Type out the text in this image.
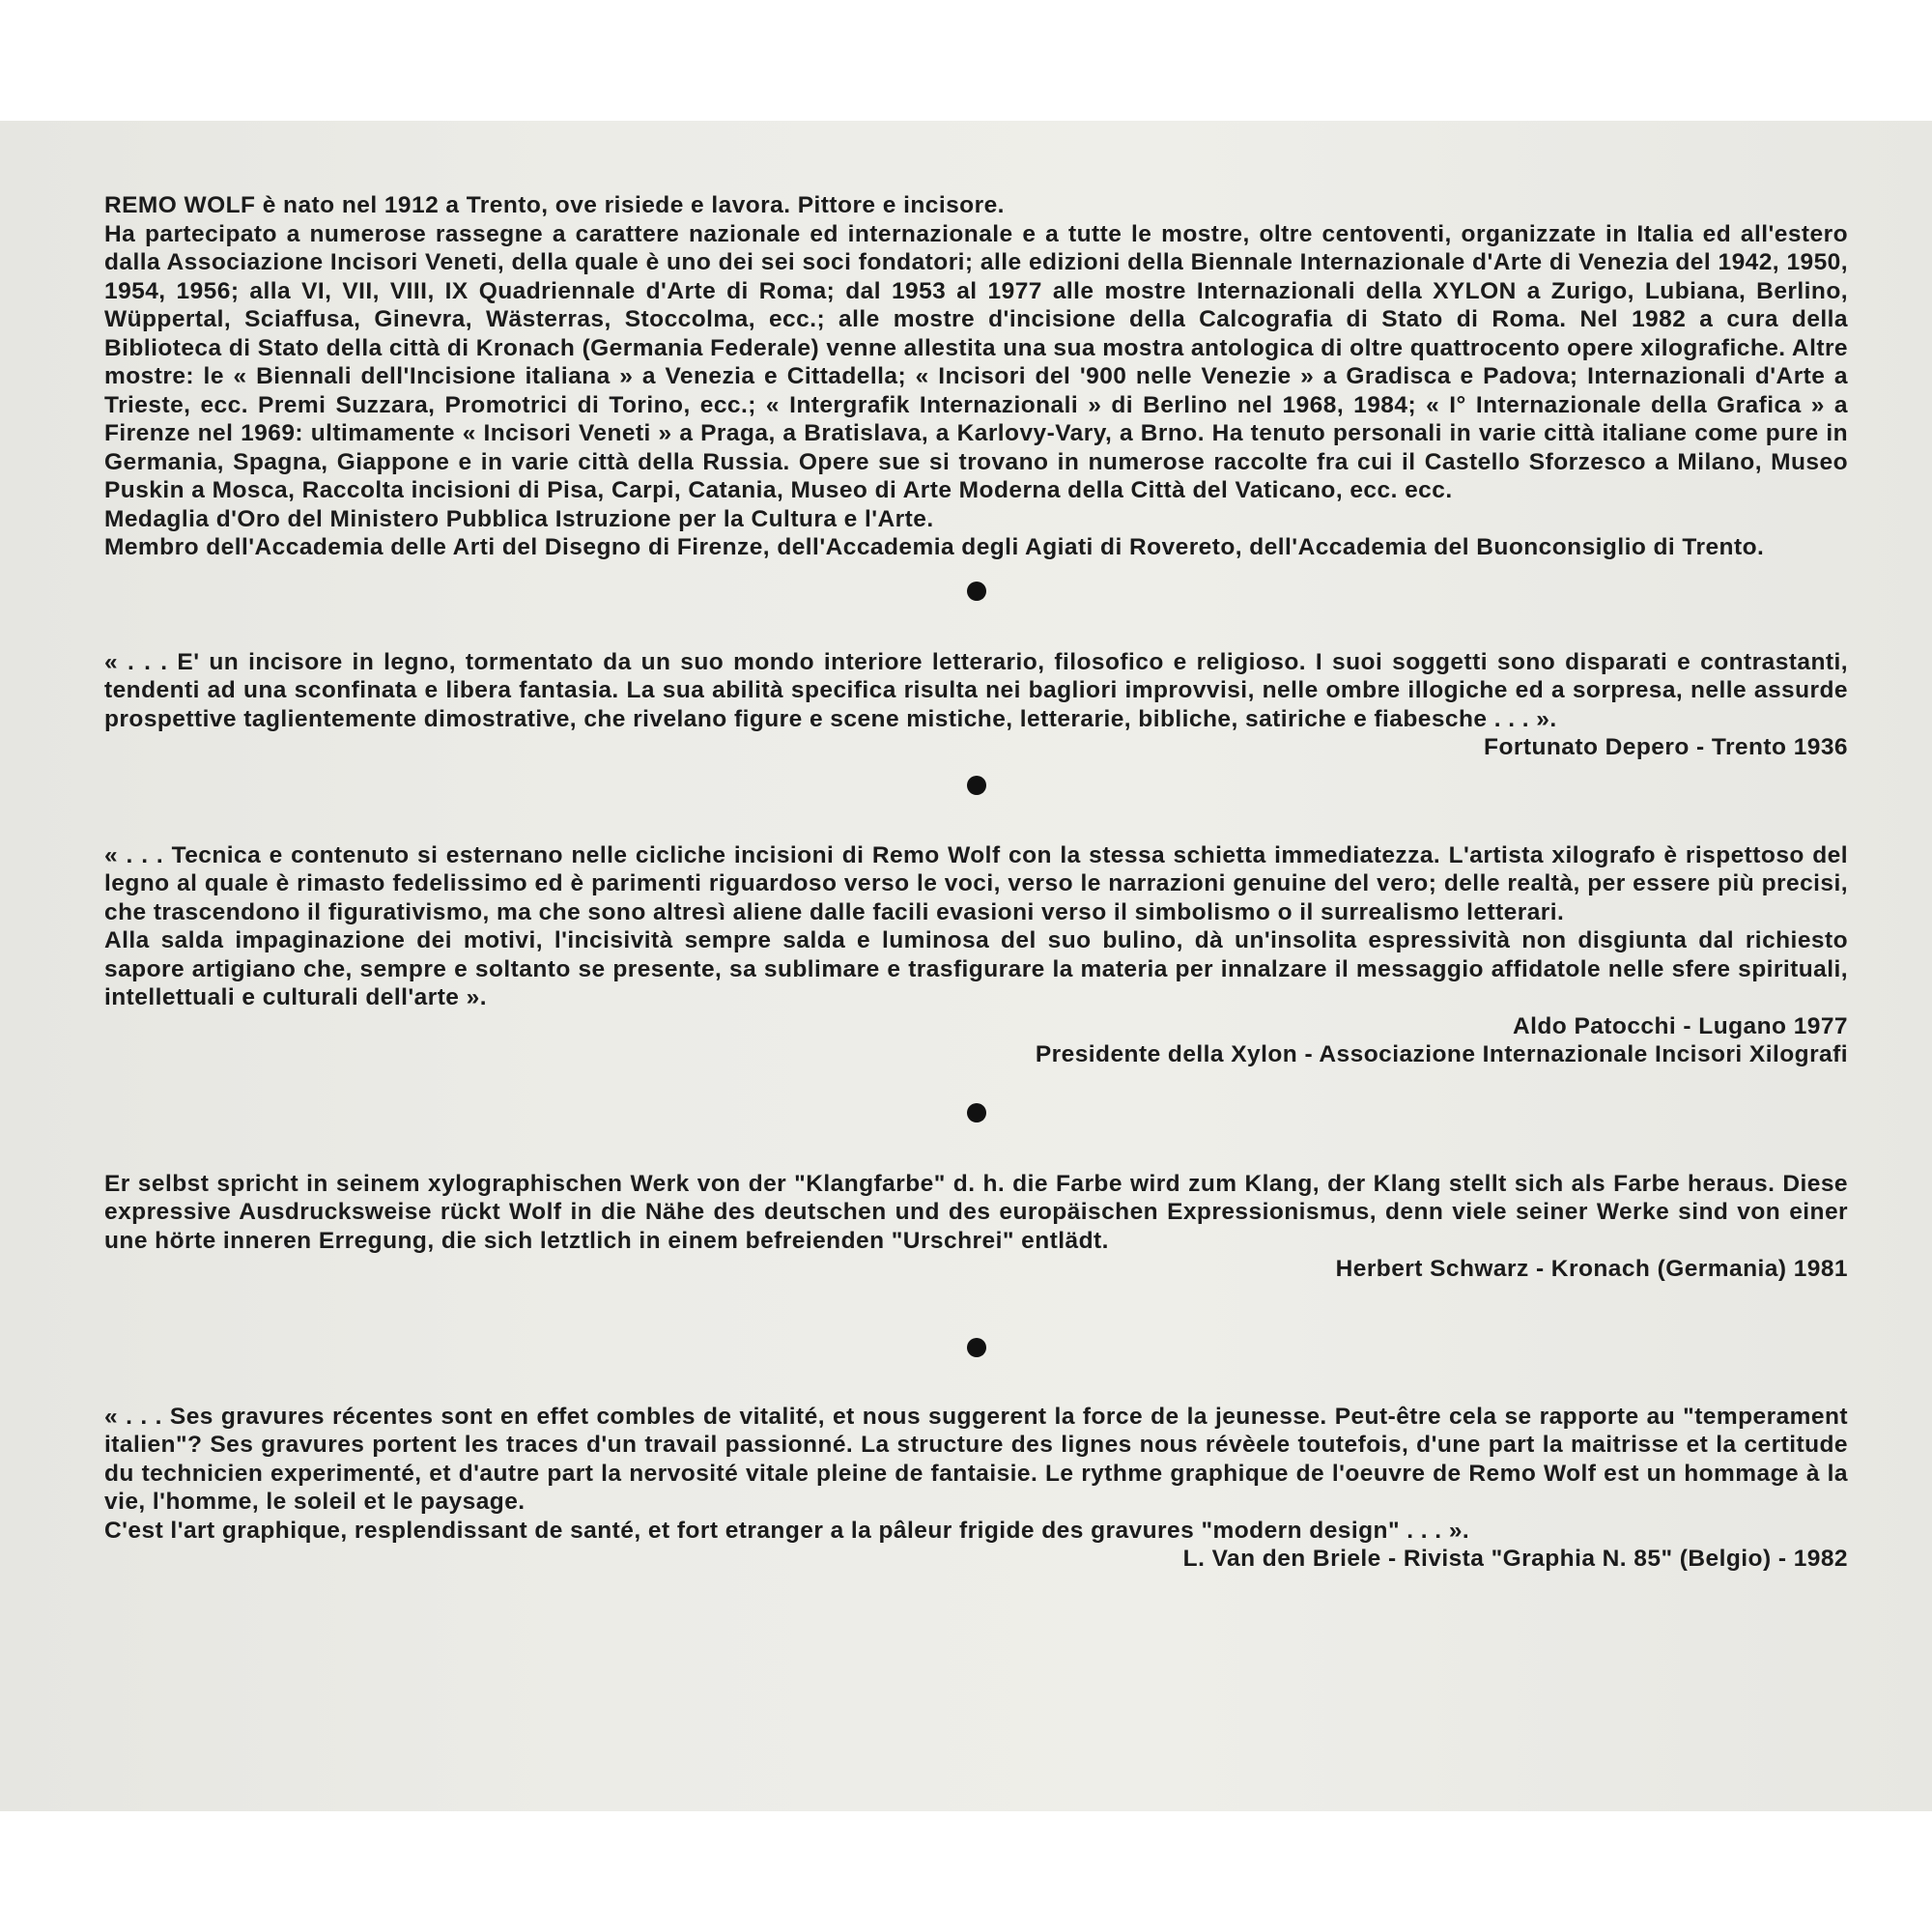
REMO WOLF è nato nel 1912 a Trento, ove risiede e lavora. Pittore e incisore.

Ha partecipato a numerose rassegne a carattere nazionale ed internazionale e a tutte le mostre, oltre centoventi, organizzate in Italia ed all'estero dalla Associazione Incisori Veneti, della quale è uno dei sei soci fondatori; alle edizioni della Biennale Internazionale d'Arte di Venezia del 1942, 1950, 1954, 1956; alla VI, VII, VIII, IX Quadriennale d'Arte di Roma; dal 1953 al 1977 alle mostre Internazionali della XYLON a Zurigo, Lubiana, Berlino, Wüppertal, Sciaffusa, Ginevra, Wästerras, Stoccolma, ecc.; alle mostre d'incisione della Calcografia di Stato di Roma. Nel 1982 a cura della Biblioteca di Stato della città di Kronach (Germania Federale) venne allestita una sua mostra antologica di oltre quattrocento opere xilografiche. Altre mostre: le « Biennali dell'Incisione italiana » a Venezia e Cittadella; « Incisori del '900 nelle Venezie » a Gradisca e Padova; Internazionali d'Arte a Trieste, ecc. Premi Suzzara, Promotrici di Torino, ecc.; « Intergrafik Internazionali » di Berlino nel 1968, 1984; « I° Internazionale della Grafica » a Firenze nel 1969: ultimamente « Incisori Veneti » a Praga, a Bratislava, a Karlovy-Vary, a Brno. Ha tenuto personali in varie città italiane come pure in Germania, Spagna, Giappone e in varie città della Russia. Opere sue si trovano in numerose raccolte fra cui il Castello Sforzesco a Milano, Museo Puskin a Mosca, Raccolta incisioni di Pisa, Carpi, Catania, Museo di Arte Moderna della Città del Vaticano, ecc. ecc.

Medaglia d'Oro del Ministero Pubblica Istruzione per la Cultura e l'Arte.

Membro dell'Accademia delle Arti del Disegno di Firenze, dell'Accademia degli Agiati di Rovereto, dell'Accademia del Buonconsiglio di Trento.

« . . . E' un incisore in legno, tormentato da un suo mondo interiore letterario, filosofico e religioso. I suoi soggetti sono disparati e contrastanti, tendenti ad una sconfinata e libera fantasia. La sua abilità specifica risulta nei bagliori improvvisi, nelle ombre illogiche ed a sorpresa, nelle assurde prospettive taglientemente dimostrative, che rivelano figure e scene mistiche, letterarie, bibliche, satiriche e fiabesche . . . ».

Fortunato Depero - Trento 1936

« . . . Tecnica e contenuto si esternano nelle cicliche incisioni di Remo Wolf con la stessa schietta immediatezza. L'artista xilografo è rispettoso del legno al quale è rimasto fedelissimo ed è parimenti riguardoso verso le voci, verso le narrazioni genuine del vero; delle realtà, per essere più precisi, che trascendono il figurativismo, ma che sono altresì aliene dalle facili evasioni verso il simbolismo o il surrealismo letterari.

Alla salda impaginazione dei motivi, l'incisività sempre salda e luminosa del suo bulino, dà un'insolita espressività non disgiunta dal richiesto sapore artigiano che, sempre e soltanto se presente, sa sublimare e trasfigurare la materia per innalzare il messaggio affidatole nelle sfere spirituali, intellettuali e culturali dell'arte ».

Aldo Patocchi - Lugano 1977

Presidente della Xylon - Associazione Internazionale Incisori Xilografi

Er selbst spricht in seinem xylographischen Werk von der "Klangfarbe" d. h. die Farbe wird zum Klang, der Klang stellt sich als Farbe heraus. Diese expressive Ausdrucksweise rückt Wolf in die Nähe des deutschen und des europäischen Expressionismus, denn viele seiner Werke sind von einer une hörte inneren Erregung, die sich letztlich in einem befreienden "Urschrei" entlädt.

Herbert Schwarz - Kronach (Germania) 1981

« . . . Ses gravures récentes sont en effet combles de vitalité, et nous suggerent la force de la jeunesse. Peut-être cela se rapporte au "temperament italien"? Ses gravures portent les traces d'un travail passionné. La structure des lignes nous révèele toutefois, d'une part la maitrisse et la certitude du technicien experimenté, et d'autre part la nervosité vitale pleine de fantaisie. Le rythme graphique de l'oeuvre de Remo Wolf est un hommage à la vie, l'homme, le soleil et le paysage.

C'est l'art graphique, resplendissant de santé, et fort etranger a la pâleur frigide des gravures "modern design" . . . ».

L. Van den Briele - Rivista "Graphia N. 85" (Belgio) - 1982
